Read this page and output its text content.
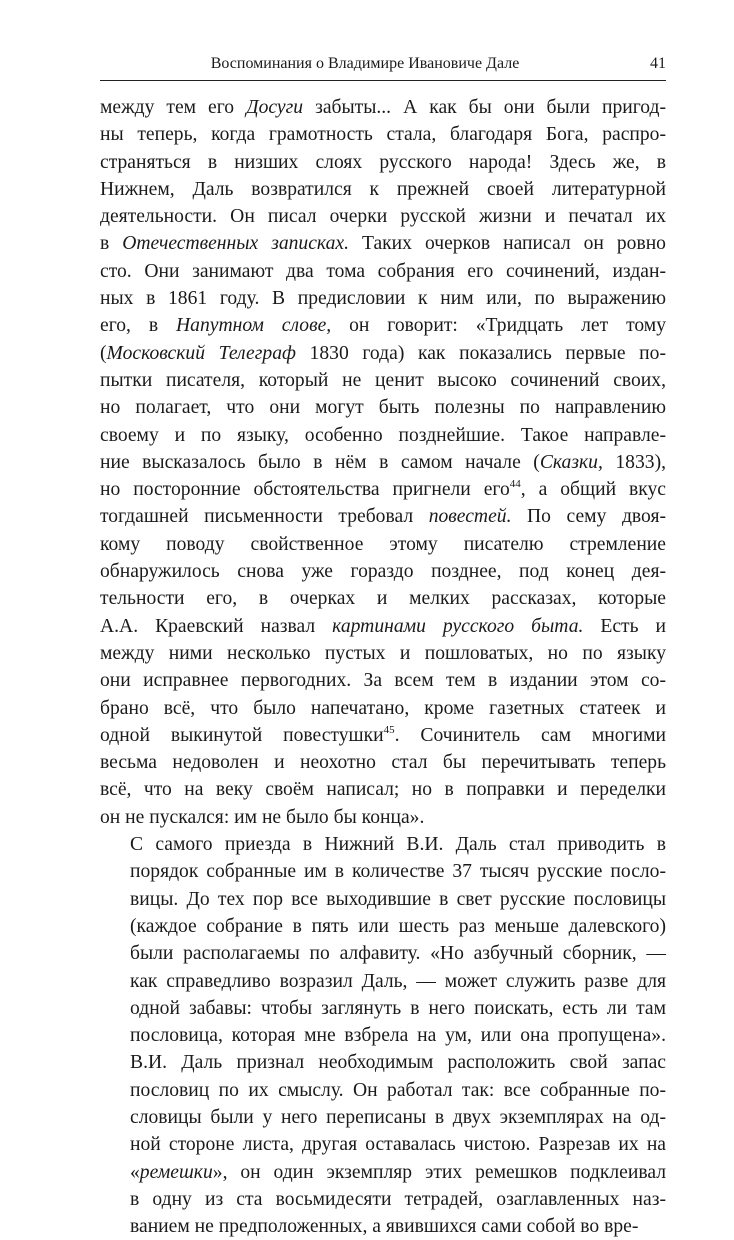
Воспоминания о Владимире Ивановиче Дале	41

между тем его Досуги забыты... А как бы они были пригод-
ны теперь, когда грамотность стала, благодаря Бога, распро-
страняться в низших слоях русского народа! Здесь же, в
Нижнем, Даль возвратился к прежней своей литературной
деятельности. Он писал очерки русской жизни и печатал их
в Отечественных записках. Таких очерков написал он ровно
сто. Они занимают два тома собрания его сочинений, издан-
ных в 1861 году. В предисловии к ним или, по выражению
его, в Напутном слове, он говорит: «Тридцать лет тому
(Московский Телеграф 1830 года) как показались первые по-
пытки писателя, который не ценит высоко сочинений своих,
но полагает, что они могут быть полезны по направлению
своему и по языку, особенно позднейшие. Такое направле-
ние высказалось было в нём в самом начале (Сказки, 1833),
но посторонние обстоятельства пригнели его$^{44}$, а общий вкус
тогдашней письменности требовал повестей. По сему двоя-
кому поводу свойственное этому писателю стремление
обнаружилось снова уже гораздо позднее, под конец дея-
тельности его, в очерках и мелких рассказах, которые
А.А. Краевский назвал картинами русского быта. Есть и
между ними несколько пустых и пошловатых, но по языку
они исправнее первогодних. За всем тем в издании этом со-
брано всё, что было напечатано, кроме газетных статеек и
одной выкинутой повестушки$^{45}$. Сочинитель сам многими
весьма недоволен и неохотно стал бы перечитывать теперь
всё, что на веку своём написал; но в поправки и переделки
он не пускался: им не было бы конца».

С самого приезда в Нижний В.И. Даль стал приводить в
порядок собранные им в количестве 37 тысяч русские посло-
вицы. До тех пор все выходившие в свет русские пословицы
(каждое собрание в пять или шесть раз меньше далевского)
были располагаемы по алфавиту. «Но азбучный сборник, —
как справедливо возразил Даль, — может служить разве для
одной забавы: чтобы заглянуть в него поискать, есть ли там
пословица, которая мне взбрела на ум, или она пропущена».
В.И. Даль признал необходимым расположить свой запас
пословиц по их смыслу. Он работал так: все собранные по-
словицы были у него переписаны в двух экземплярах на од-
ной стороне листа, другая оставалась чистою. Разрезав их на
«ремешки», он один экземпляр этих ремешков подклеивал
в одну из ста восьмидесяти тетрадей, озаглавленных наз-
ванием не предположенных, а явившихся сами собой во вре-
